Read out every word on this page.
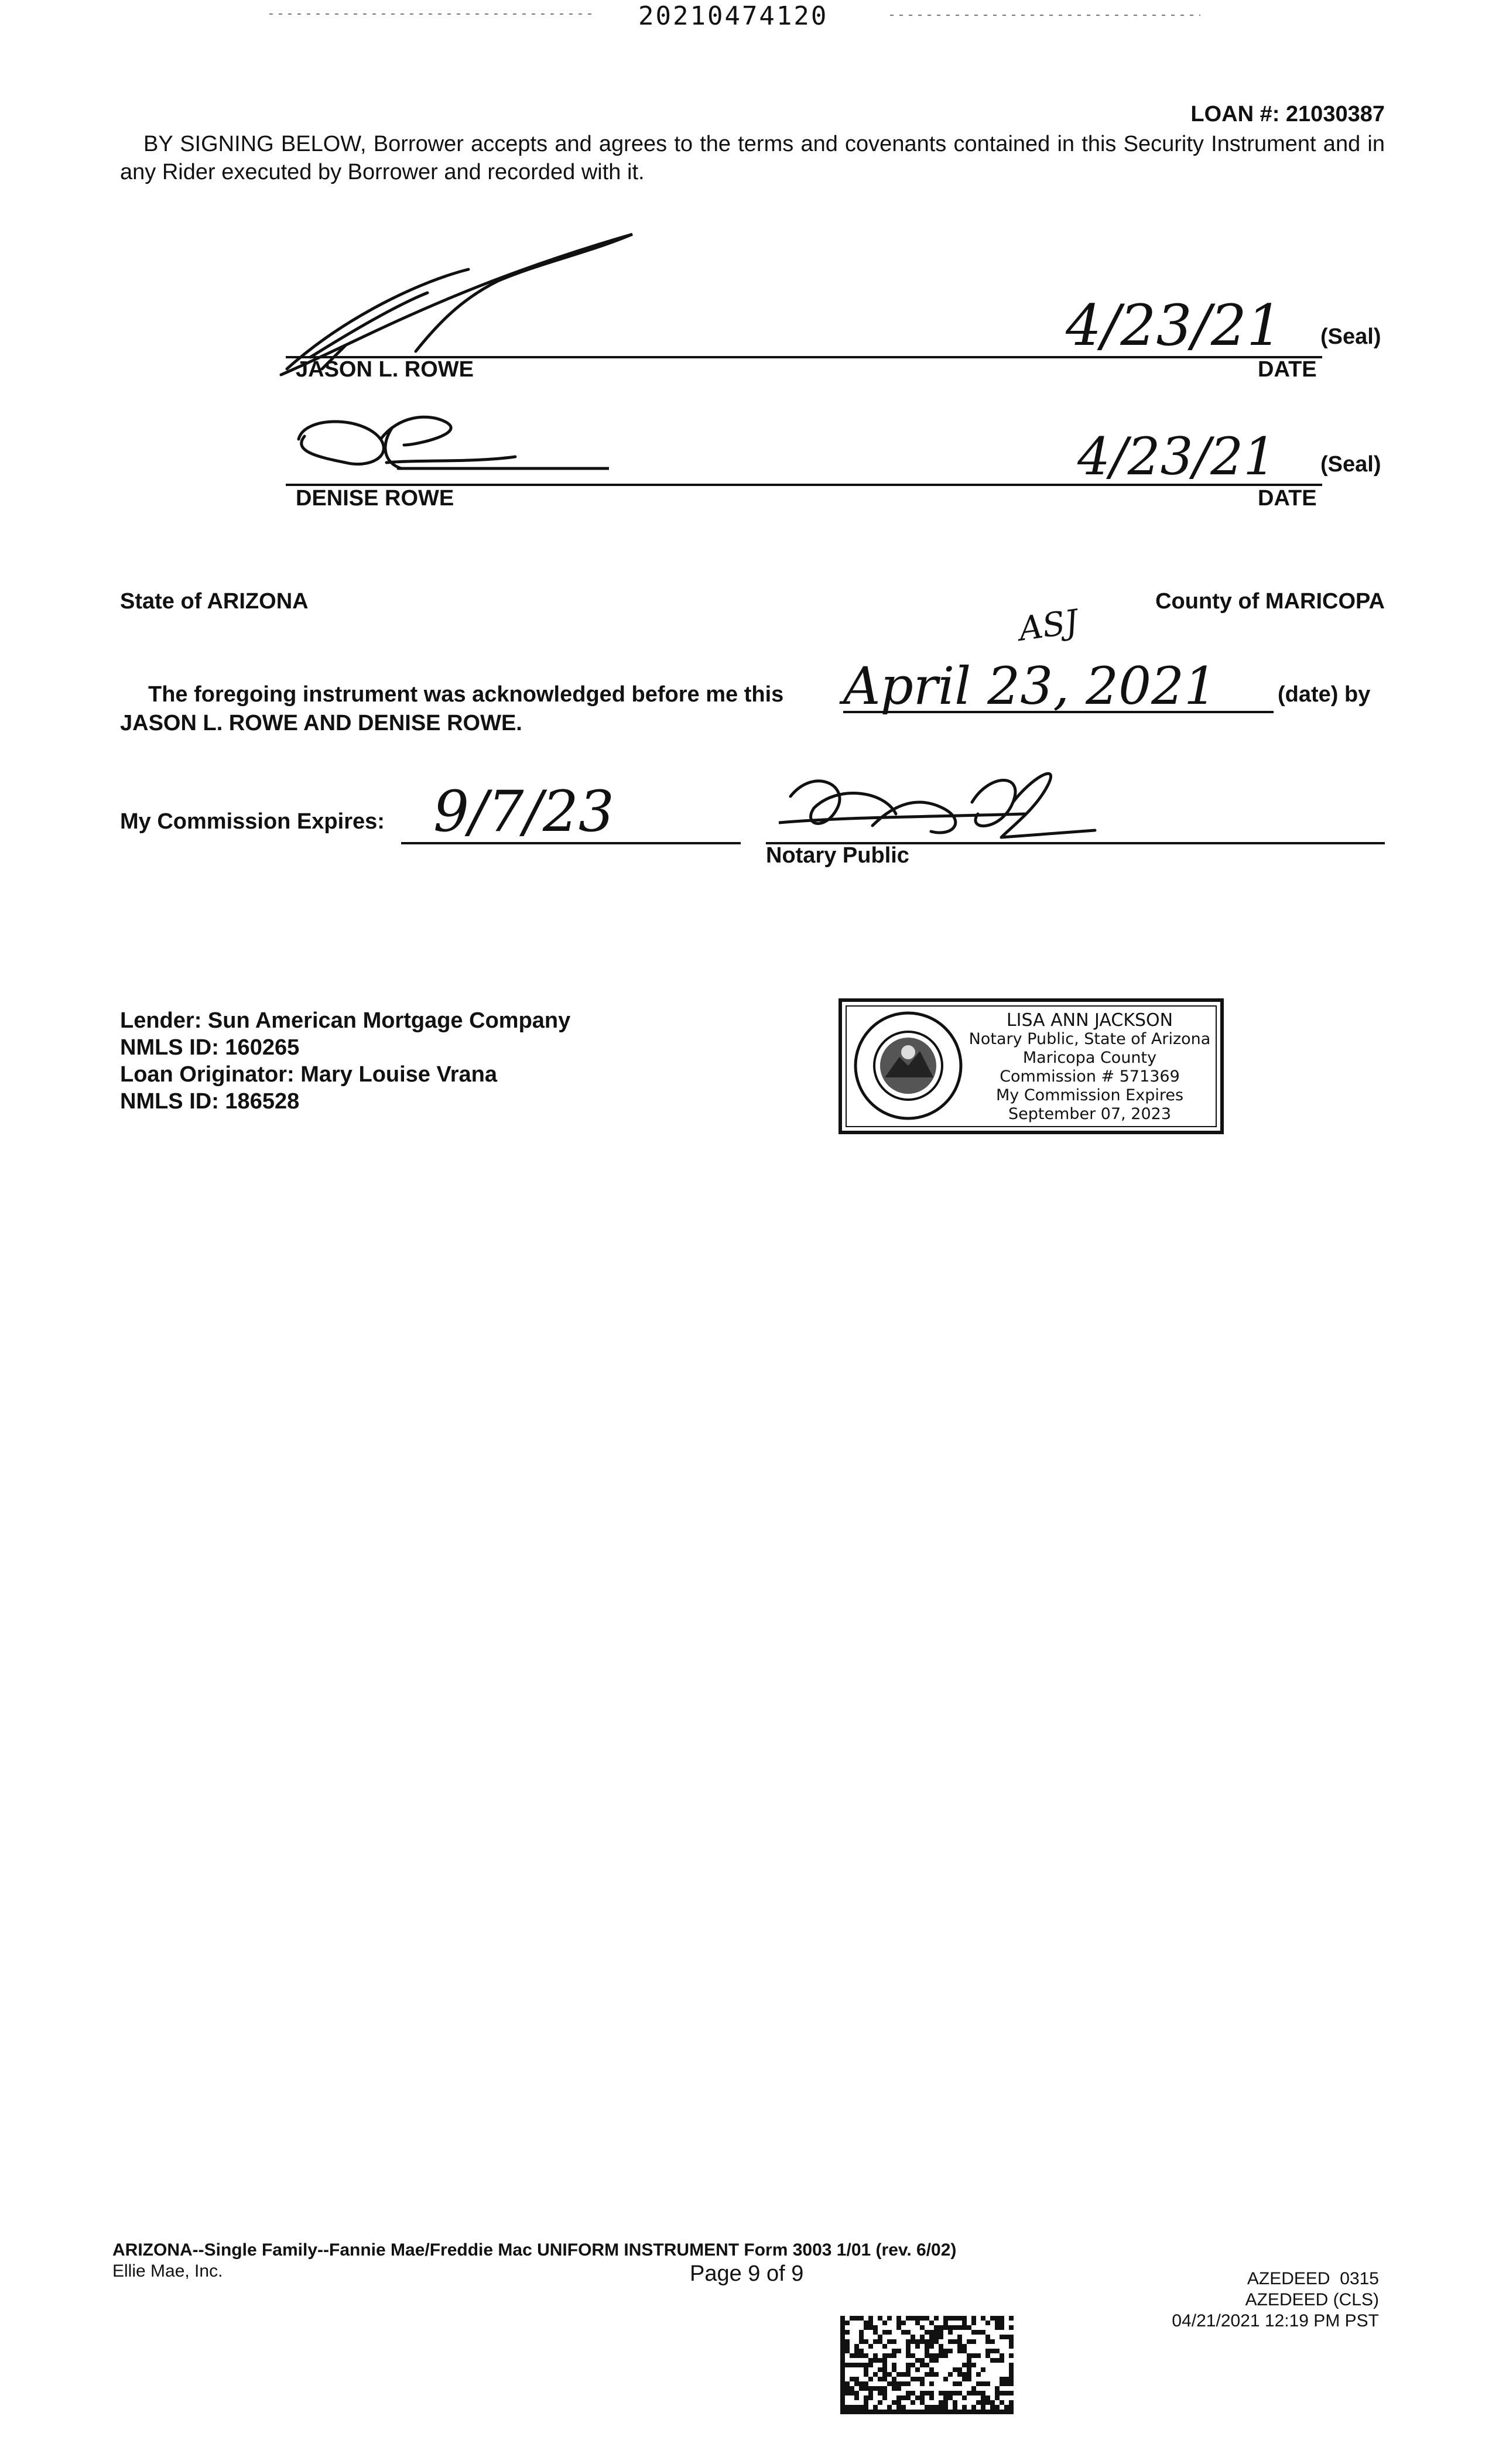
20210474120
LOAN #: 21030387
BY SIGNING BELOW, Borrower accepts and agrees to the terms and covenants contained in this Security Instrument and in any Rider executed by Borrower and recorded with it.
4/23/21 (Seal)
JASON L. ROWE	DATE
4/23/21 (Seal)
DENISE ROWE	DATE
State of ARIZONA	County of MARICOPA
ASJ
The foregoing instrument was acknowledged before me this April 23, 2021	(date) by
JASON L. ROWE AND DENISE ROWE.
My Commission Expires: 9/7/23
Notary Public
Lender: Sun American Mortgage Company
NMLS ID: 160265
Loan Originator: Mary Louise Vrana
NMLS ID: 186528
LISA ANN JACKSON
Notary Public, State of Arizona
Maricopa County
Commission # 571369
My Commission Expires
September 07, 2023
ARIZONA--Single Family--Fannie Mae/Freddie Mac UNIFORM INSTRUMENT Form 3003 1/01 (rev. 6/02)
Ellie Mae, Inc.	Page 9 of 9	AZEDEED  0315
AZEDEED (CLS)
04/21/2021 12:19 PM PST
